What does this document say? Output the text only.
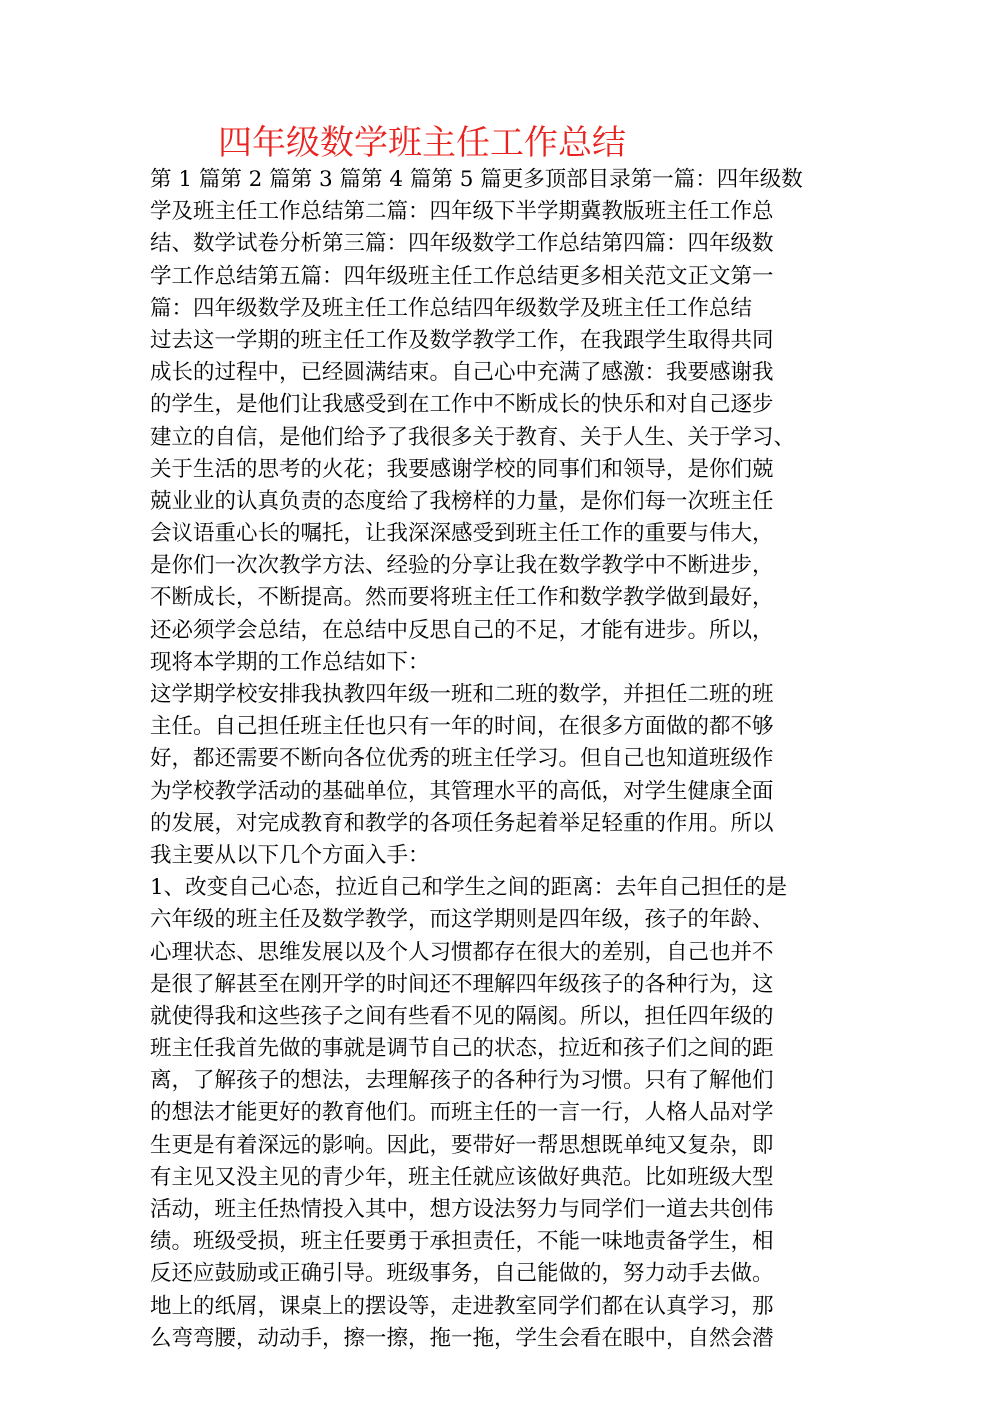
四年级数学班主任工作总结
第 1 篇第 2 篇第 3 篇第 4 篇第 5 篇更多顶部目录第一篇：四年级数
学及班主任工作总结第二篇：四年级下半学期冀教版班主任工作总
结、数学试卷分析第三篇：四年级数学工作总结第四篇：四年级数
学工作总结第五篇：四年级班主任工作总结更多相关范文正文第一
篇：四年级数学及班主任工作总结四年级数学及班主任工作总结
过去这一学期的班主任工作及数学教学工作，在我跟学生取得共同
成长的过程中，已经圆满结束。自己心中充满了感激：我要感谢我
的学生，是他们让我感受到在工作中不断成长的快乐和对自己逐步
建立的自信，是他们给予了我很多关于教育、关于人生、关于学习、
关于生活的思考的火花；我要感谢学校的同事们和领导，是你们兢
兢业业的认真负责的态度给了我榜样的力量，是你们每一次班主任
会议语重心长的嘱托，让我深深感受到班主任工作的重要与伟大，
是你们一次次教学方法、经验的分享让我在数学教学中不断进步，
不断成长，不断提高。然而要将班主任工作和数学教学做到最好，
还必须学会总结，在总结中反思自己的不足，才能有进步。所以，
现将本学期的工作总结如下：
这学期学校安排我执教四年级一班和二班的数学，并担任二班的班
主任。自己担任班主任也只有一年的时间，在很多方面做的都不够
好，都还需要不断向各位优秀的班主任学习。但自己也知道班级作
为学校教学活动的基础单位，其管理水平的高低，对学生健康全面
的发展，对完成教育和教学的各项任务起着举足轻重的作用。所以
我主要从以下几个方面入手：
1、改变自己心态，拉近自己和学生之间的距离：去年自己担任的是
六年级的班主任及数学教学，而这学期则是四年级，孩子的年龄、
心理状态、思维发展以及个人习惯都存在很大的差别，自己也并不
是很了解甚至在刚开学的时间还不理解四年级孩子的各种行为，这
就使得我和这些孩子之间有些看不见的隔阂。所以，担任四年级的
班主任我首先做的事就是调节自己的状态，拉近和孩子们之间的距
离，了解孩子的想法，去理解孩子的各种行为习惯。只有了解他们
的想法才能更好的教育他们。而班主任的一言一行，人格人品对学
生更是有着深远的影响。因此，要带好一帮思想既单纯又复杂，即
有主见又没主见的青少年，班主任就应该做好典范。比如班级大型
活动，班主任热情投入其中，想方设法努力与同学们一道去共创伟
绩。班级受损，班主任要勇于承担责任，不能一味地责备学生，相
反还应鼓励或正确引导。班级事务，自己能做的，努力动手去做。
地上的纸屑，课桌上的摆设等，走进教室同学们都在认真学习，那
么弯弯腰，动动手，擦一擦，拖一拖，学生会看在眼中，自然会潜
